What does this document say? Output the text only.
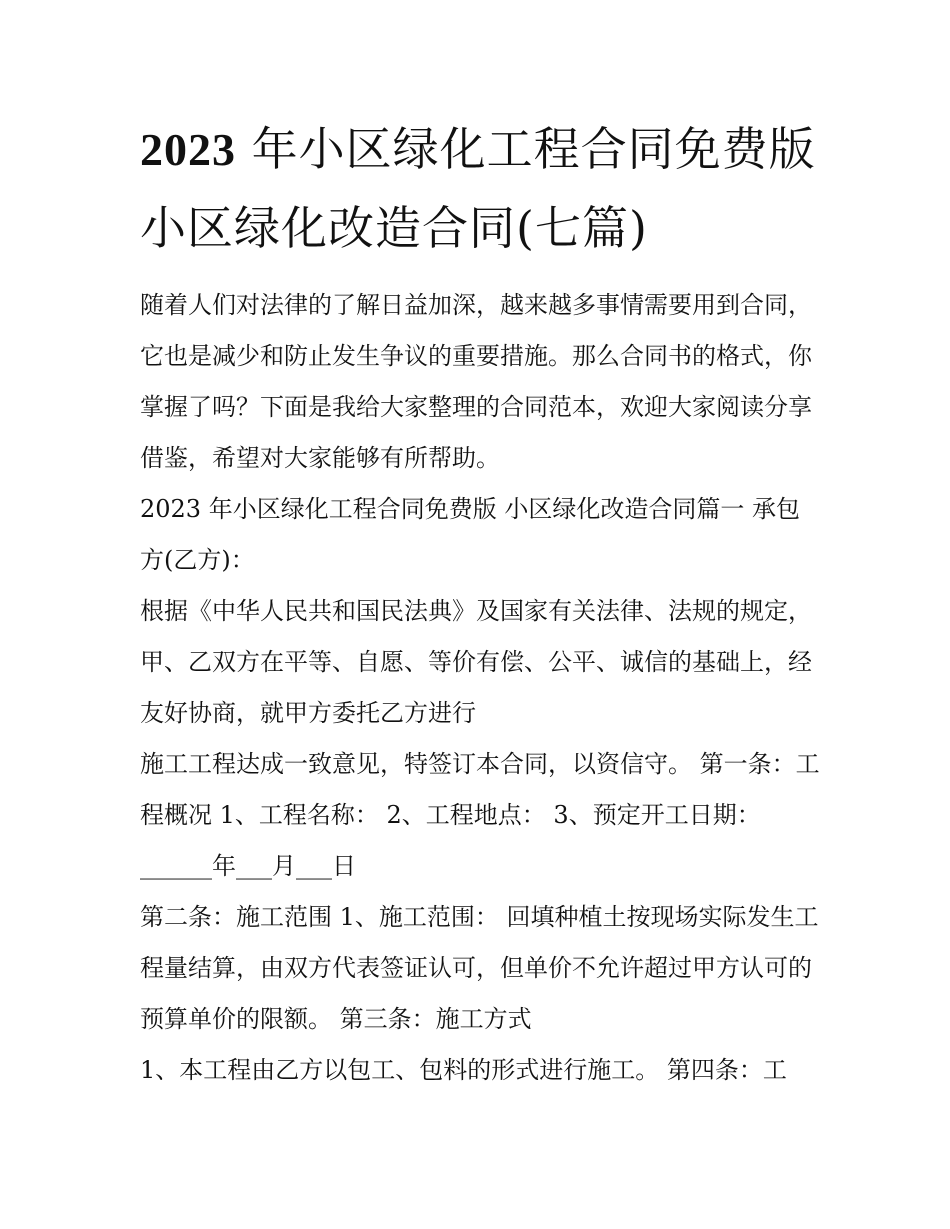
2023 年小区绿化工程合同免费版 小区绿化改造合同(七篇)

随着人们对法律的了解日益加深，越来越多事情需要用到合同，它也是减少和防止发生争议的重要措施。那么合同书的格式，你掌握了吗？下面是我给大家整理的合同范本，欢迎大家阅读分享借鉴，希望对大家能够有所帮助。

2023 年小区绿化工程合同免费版 小区绿化改造合同篇一 承包方(乙方)：

根据《中华人民共和国民法典》及国家有关法律、法规的规定，甲、乙双方在平等、自愿、等价有偿、公平、诚信的基础上，经友好协商，就甲方委托乙方进行

施工工程达成一致意见，特签订本合同，以资信守。 第一条：工程概况 1、工程名称： 2、工程地点： 3、预定开工日期：______年___月___日

第二条：施工范围 1、施工范围： 回填种植土按现场实际发生工程量结算，由双方代表签证认可，但单价不允许超过甲方认可的预算单价的限额。 第三条：施工方式

1、本工程由乙方以包工、包料的形式进行施工。 第四条：工
